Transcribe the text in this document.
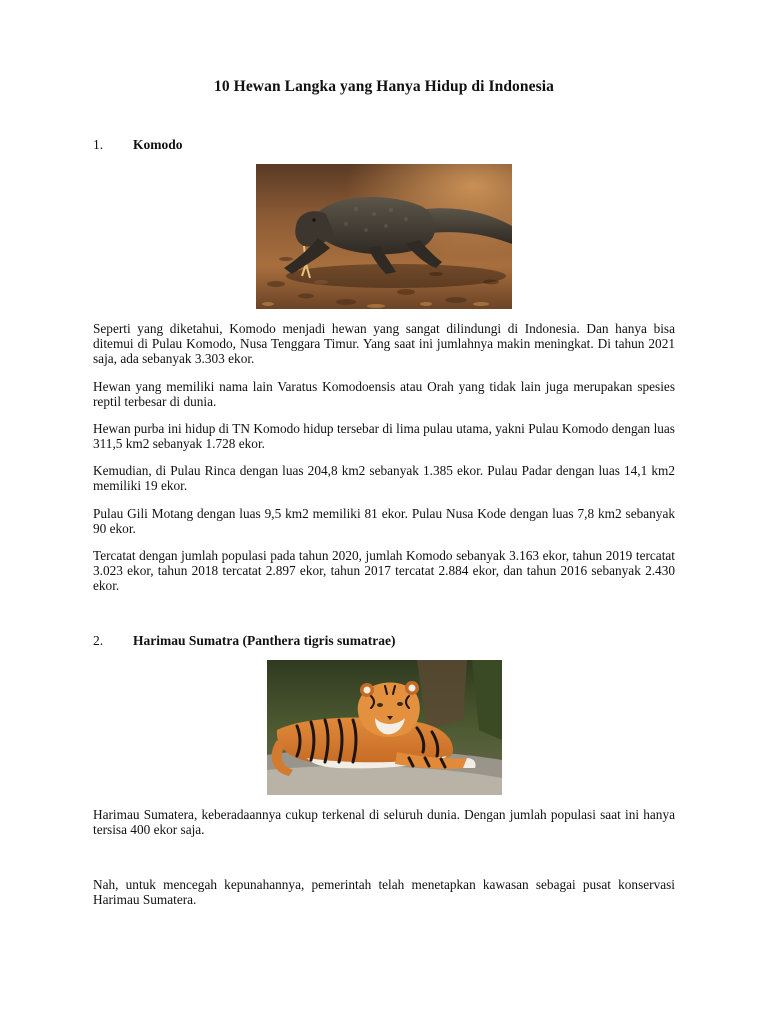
10 Hewan Langka yang Hanya Hidup di Indonesia
1.	Komodo

Seperti yang diketahui, Komodo menjadi hewan yang sangat dilindungi di Indonesia. Dan hanya bisa ditemui di Pulau Komodo, Nusa Tenggara Timur. Yang saat ini jumlahnya makin meningkat. Di tahun 2021 saja, ada sebanyak 3.303 ekor.

Hewan yang memiliki nama lain Varatus Komodoensis atau Orah yang tidak lain juga merupakan spesies reptil terbesar di dunia.

Hewan purba ini hidup di TN Komodo hidup tersebar di lima pulau utama, yakni Pulau Komodo dengan luas 311,5 km2 sebanyak 1.728 ekor.

Kemudian, di Pulau Rinca dengan luas 204,8 km2 sebanyak 1.385 ekor. Pulau Padar dengan luas 14,1 km2 memiliki 19 ekor.

Pulau Gili Motang dengan luas 9,5 km2 memiliki 81 ekor. Pulau Nusa Kode dengan luas 7,8 km2 sebanyak 90 ekor.

Tercatat dengan jumlah populasi pada tahun 2020, jumlah Komodo sebanyak 3.163 ekor, tahun 2019 tercatat 3.023 ekor, tahun 2018 tercatat 2.897 ekor, tahun 2017 tercatat 2.884 ekor, dan tahun 2016 sebanyak 2.430 ekor.

2.	Harimau Sumatra (Panthera tigris sumatrae)

Harimau Sumatera, keberadaannya cukup terkenal di seluruh dunia. Dengan jumlah populasi saat ini hanya tersisa 400 ekor saja.

Nah, untuk mencegah kepunahannya, pemerintah telah menetapkan kawasan sebagai pusat konservasi Harimau Sumatera.
